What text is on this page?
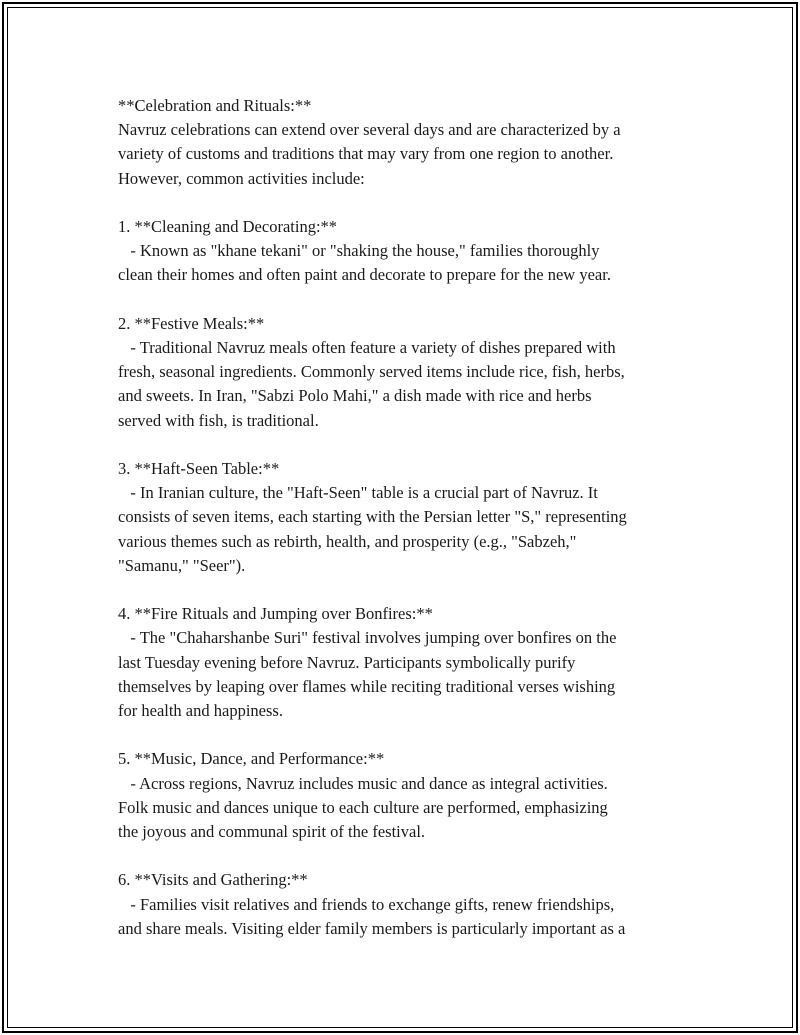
**Celebration and Rituals:**

Navruz celebrations can extend over several days and are characterized by a

variety of customs and traditions that may vary from one region to another.

However, common activities include:

1. **Cleaning and Decorating:**

- Known as "khane tekani" or "shaking the house," families thoroughly

clean their homes and often paint and decorate to prepare for the new year.

2. **Festive Meals:**

- Traditional Navruz meals often feature a variety of dishes prepared with

fresh, seasonal ingredients. Commonly served items include rice, fish, herbs,

and sweets. In Iran, "Sabzi Polo Mahi," a dish made with rice and herbs

served with fish, is traditional.

3. **Haft-Seen Table:**

- In Iranian culture, the "Haft-Seen" table is a crucial part of Navruz. It

consists of seven items, each starting with the Persian letter "S," representing

various themes such as rebirth, health, and prosperity (e.g., "Sabzeh,"

"Samanu," "Seer").

4. **Fire Rituals and Jumping over Bonfires:**

- The "Chaharshanbe Suri" festival involves jumping over bonfires on the

last Tuesday evening before Navruz. Participants symbolically purify

themselves by leaping over flames while reciting traditional verses wishing

for health and happiness.

5. **Music, Dance, and Performance:**

- Across regions, Navruz includes music and dance as integral activities.

Folk music and dances unique to each culture are performed, emphasizing

the joyous and communal spirit of the festival.

6. **Visits and Gathering:**

- Families visit relatives and friends to exchange gifts, renew friendships,

and share meals. Visiting elder family members is particularly important as a
